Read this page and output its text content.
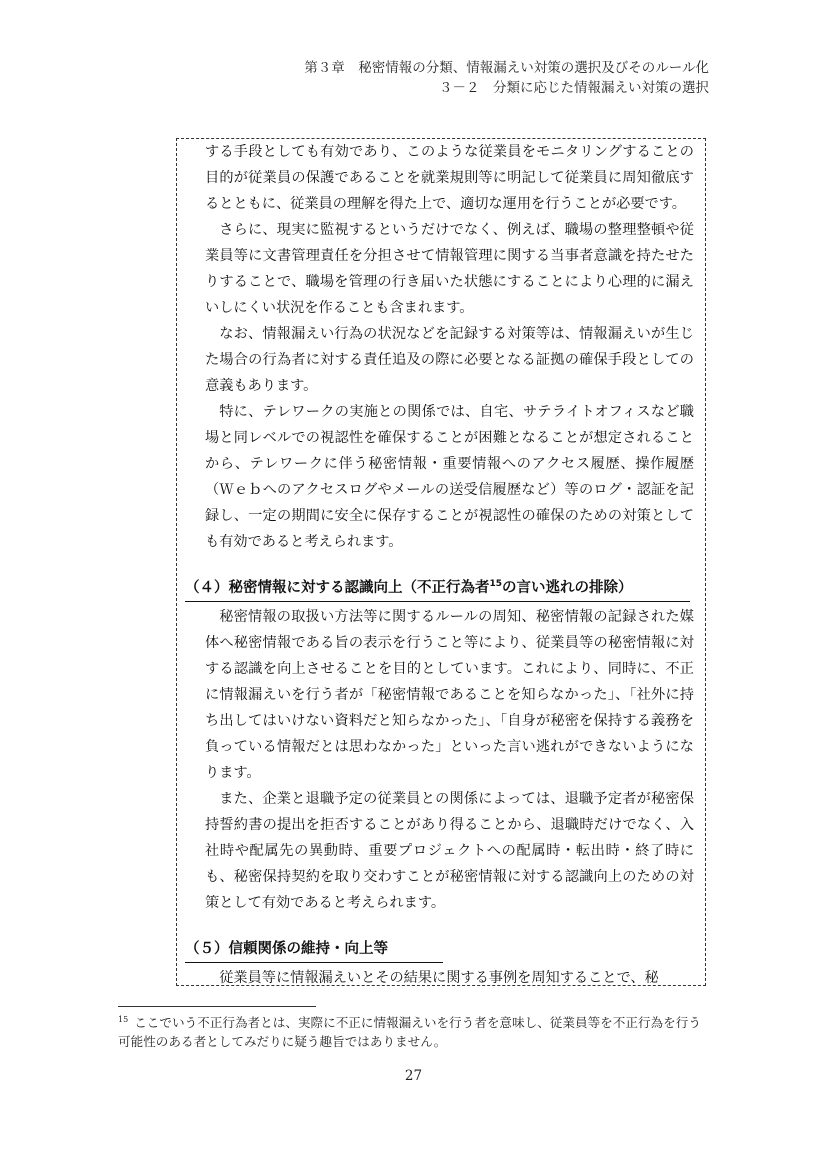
第３章　秘密情報の分類、情報漏えい対策の選択及びそのルール化
３－２　分類に応じた情報漏えい対策の選択

する手段としても有効であり、このような従業員をモニタリングすることの目的が従業員の保護であることを就業規則等に明記して従業員に周知徹底するとともに、従業員の理解を得た上で、適切な運用を行うことが必要です。

さらに、現実に監視するというだけでなく、例えば、職場の整理整頓や従業員等に文書管理責任を分担させて情報管理に関する当事者意識を持たせたりすることで、職場を管理の行き届いた状態にすることにより心理的に漏えいしにくい状況を作ることも含まれます。

なお、情報漏えい行為の状況などを記録する対策等は、情報漏えいが生じた場合の行為者に対する責任追及の際に必要となる証拠の確保手段としての意義もあります。

特に、テレワークの実施との関係では、自宅、サテライトオフィスなど職場と同レベルでの視認性を確保することが困難となることが想定されることから、テレワークに伴う秘密情報・重要情報へのアクセス履歴、操作履歴（Ｗｅｂへのアクセスログやメールの送受信履歴など）等のログ・認証を記録し、一定の期間に安全に保存することが視認性の確保のための対策としても有効であると考えられます。

（４）秘密情報に対する認識向上（不正行為者$^{15}$の言い逃れの排除）

秘密情報の取扱い方法等に関するルールの周知、秘密情報の記録された媒体へ秘密情報である旨の表示を行うこと等により、従業員等の秘密情報に対する認識を向上させることを目的としています。これにより、同時に、不正に情報漏えいを行う者が「秘密情報であることを知らなかった」、「社外に持ち出してはいけない資料だと知らなかった」、「自身が秘密を保持する義務を負っている情報だとは思わなかった」といった言い逃れができないようになります。

また、企業と退職予定の従業員との関係によっては、退職予定者が秘密保持誓約書の提出を拒否することがあり得ることから、退職時だけでなく、入社時や配属先の異動時、重要プロジェクトへの配属時・転出時・終了時にも、秘密保持契約を取り交わすことが秘密情報に対する認識向上のための対策として有効であると考えられます。

（５）信頼関係の維持・向上等

従業員等に情報漏えいとその結果に関する事例を周知することで、秘

$^{15}$ ここでいう不正行為者とは、実際に不正に情報漏えいを行う者を意味し、従業員等を不正行為を行う可能性のある者としてみだりに疑う趣旨ではありません。
27
